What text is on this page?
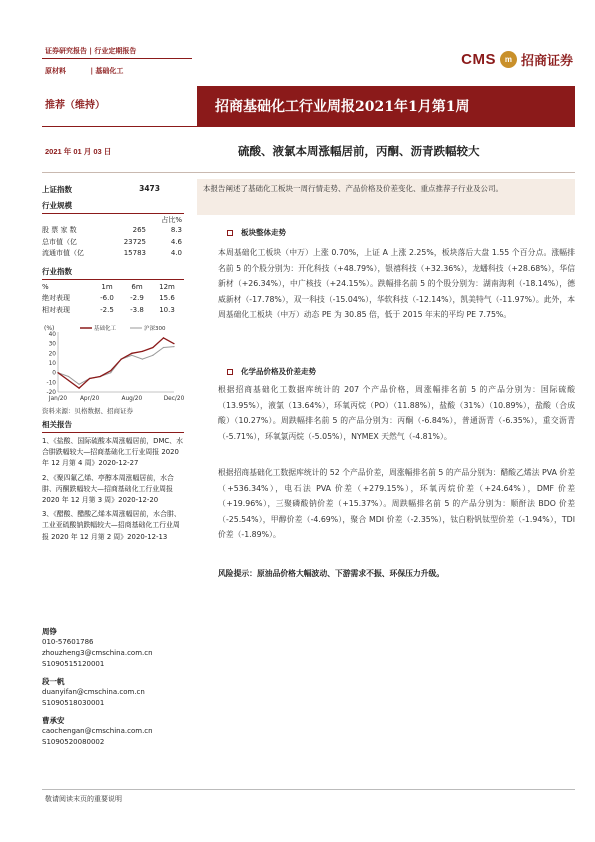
证券研究报告 | 行业定期报告
原材料	| 基础化工
CMS	m 招商证券
推荐（维持）	招商基础化工行业周报2021年1月第1周
2021 年 01 月 03 日	硫酸、液氯本周涨幅居前，丙酮、沥青跌幅较大
上证指数	3473
行业规模
占比%
股 票 家 数	265	8.3
总市值（亿	23725	4.6
流通市值（亿	15783	4.0
行业指数
%	1m	6m	12m
绝对表现	-6.0	-2.9	15.6
相对表现	-2.5	-3.8	10.3
(%)	基础化工	沪深300
40
30
20
10
0
-10
-20
Jan/20 Apr/20	Aug/20	Dec/20
资料来源：贝格数据、招商证券
相关报告
1、《盐酸、国际硫酸本周涨幅居前，DMC、水合肼跌幅较大—招商基础化工行业周报 2020 年 12 月第 4 周》2020-12-27
2、《聚四氟乙烯、亭醇本周涨幅居前，水合肼、丙酮跌幅较大—招商基础化工行业周报 2020 年 12 月第 3 周》2020-12-20
3、《醋酸、醋酸乙烯本周涨幅居前，水合肼、工业亚硫酸钠跌幅较大—招商基础化工行业周报 2020 年 12 月第 2 周》2020-12-13
周铮
010-57601786
zhouzheng3@cmschina.com.cn
S1090515120001
段一帆
duanyifan@cmschina.com.cn
S1090518030001
曹承安
caochengan@cmschina.com.cn
S1090520080002
本报告阐述了基础化工板块一周行情走势、产品价格及价差变化、重点推荐子行业及公司。
板块整体走势
本周基础化工板块（中万）上涨 0.70%，上证 A 上涨 2.25%，板块落后大盘 1.55 个百分点。涨幅排名前 5 的个股分别为：开化科技（+48.79%），银禧科技（+32.36%），龙蟠科技（+28.68%），华信新材（+26.34%），中广核技（+24.15%）。跌幅排名前 5 的个股分别为：湖南海利（-18.14%），德威新材（-17.78%），双一科技（-15.04%），华软科技（-12.14%），凯美特气（-11.97%）。此外，本周基础化工板块（中万）动态 PE 为 30.85 倍，低于 2015 年末的平均 PE 7.75%。
化学品价格及价差走势
根据招商基础化工数据库统计的 207 个产品价格，周涨幅排名前 5 的产品分别为：国际硫酸（13.95%），液氯（13.64%），环氧丙烷（PO）（11.88%），盐酸（31%）（10.89%），盐酸（合成酸）（10.27%）。周跌幅排名前 5 的产品分别为：丙酮（-6.84%），普通沥青（-6.35%），重交沥青（-5.71%），环氧氯丙烷（-5.05%），NYMEX 天然气（-4.81%）。
根据招商基础化工数据库统计的 52 个产品价差，周涨幅排名前 5 的产品分别为：醋酸乙烯法 PVA 价差（+536.34%），电石法 PVA 价差（+279.15%），环氧丙烷价差（+24.64%），DMF 价差（+19.96%），三聚磷酸钠价差（+15.37%）。周跌幅排名前 5 的产品分别为：顺酐法 BDO 价差（-25.54%），甲醇价差（-4.69%），聚合 MDI 价差（-2.35%），钛白粉钒钛型价差（-1.94%），TDI 价差（-1.89%）。
风险提示：原油品价格大幅波动、下游需求不振、环保压力升级。
敬请阅读末页的重要说明
